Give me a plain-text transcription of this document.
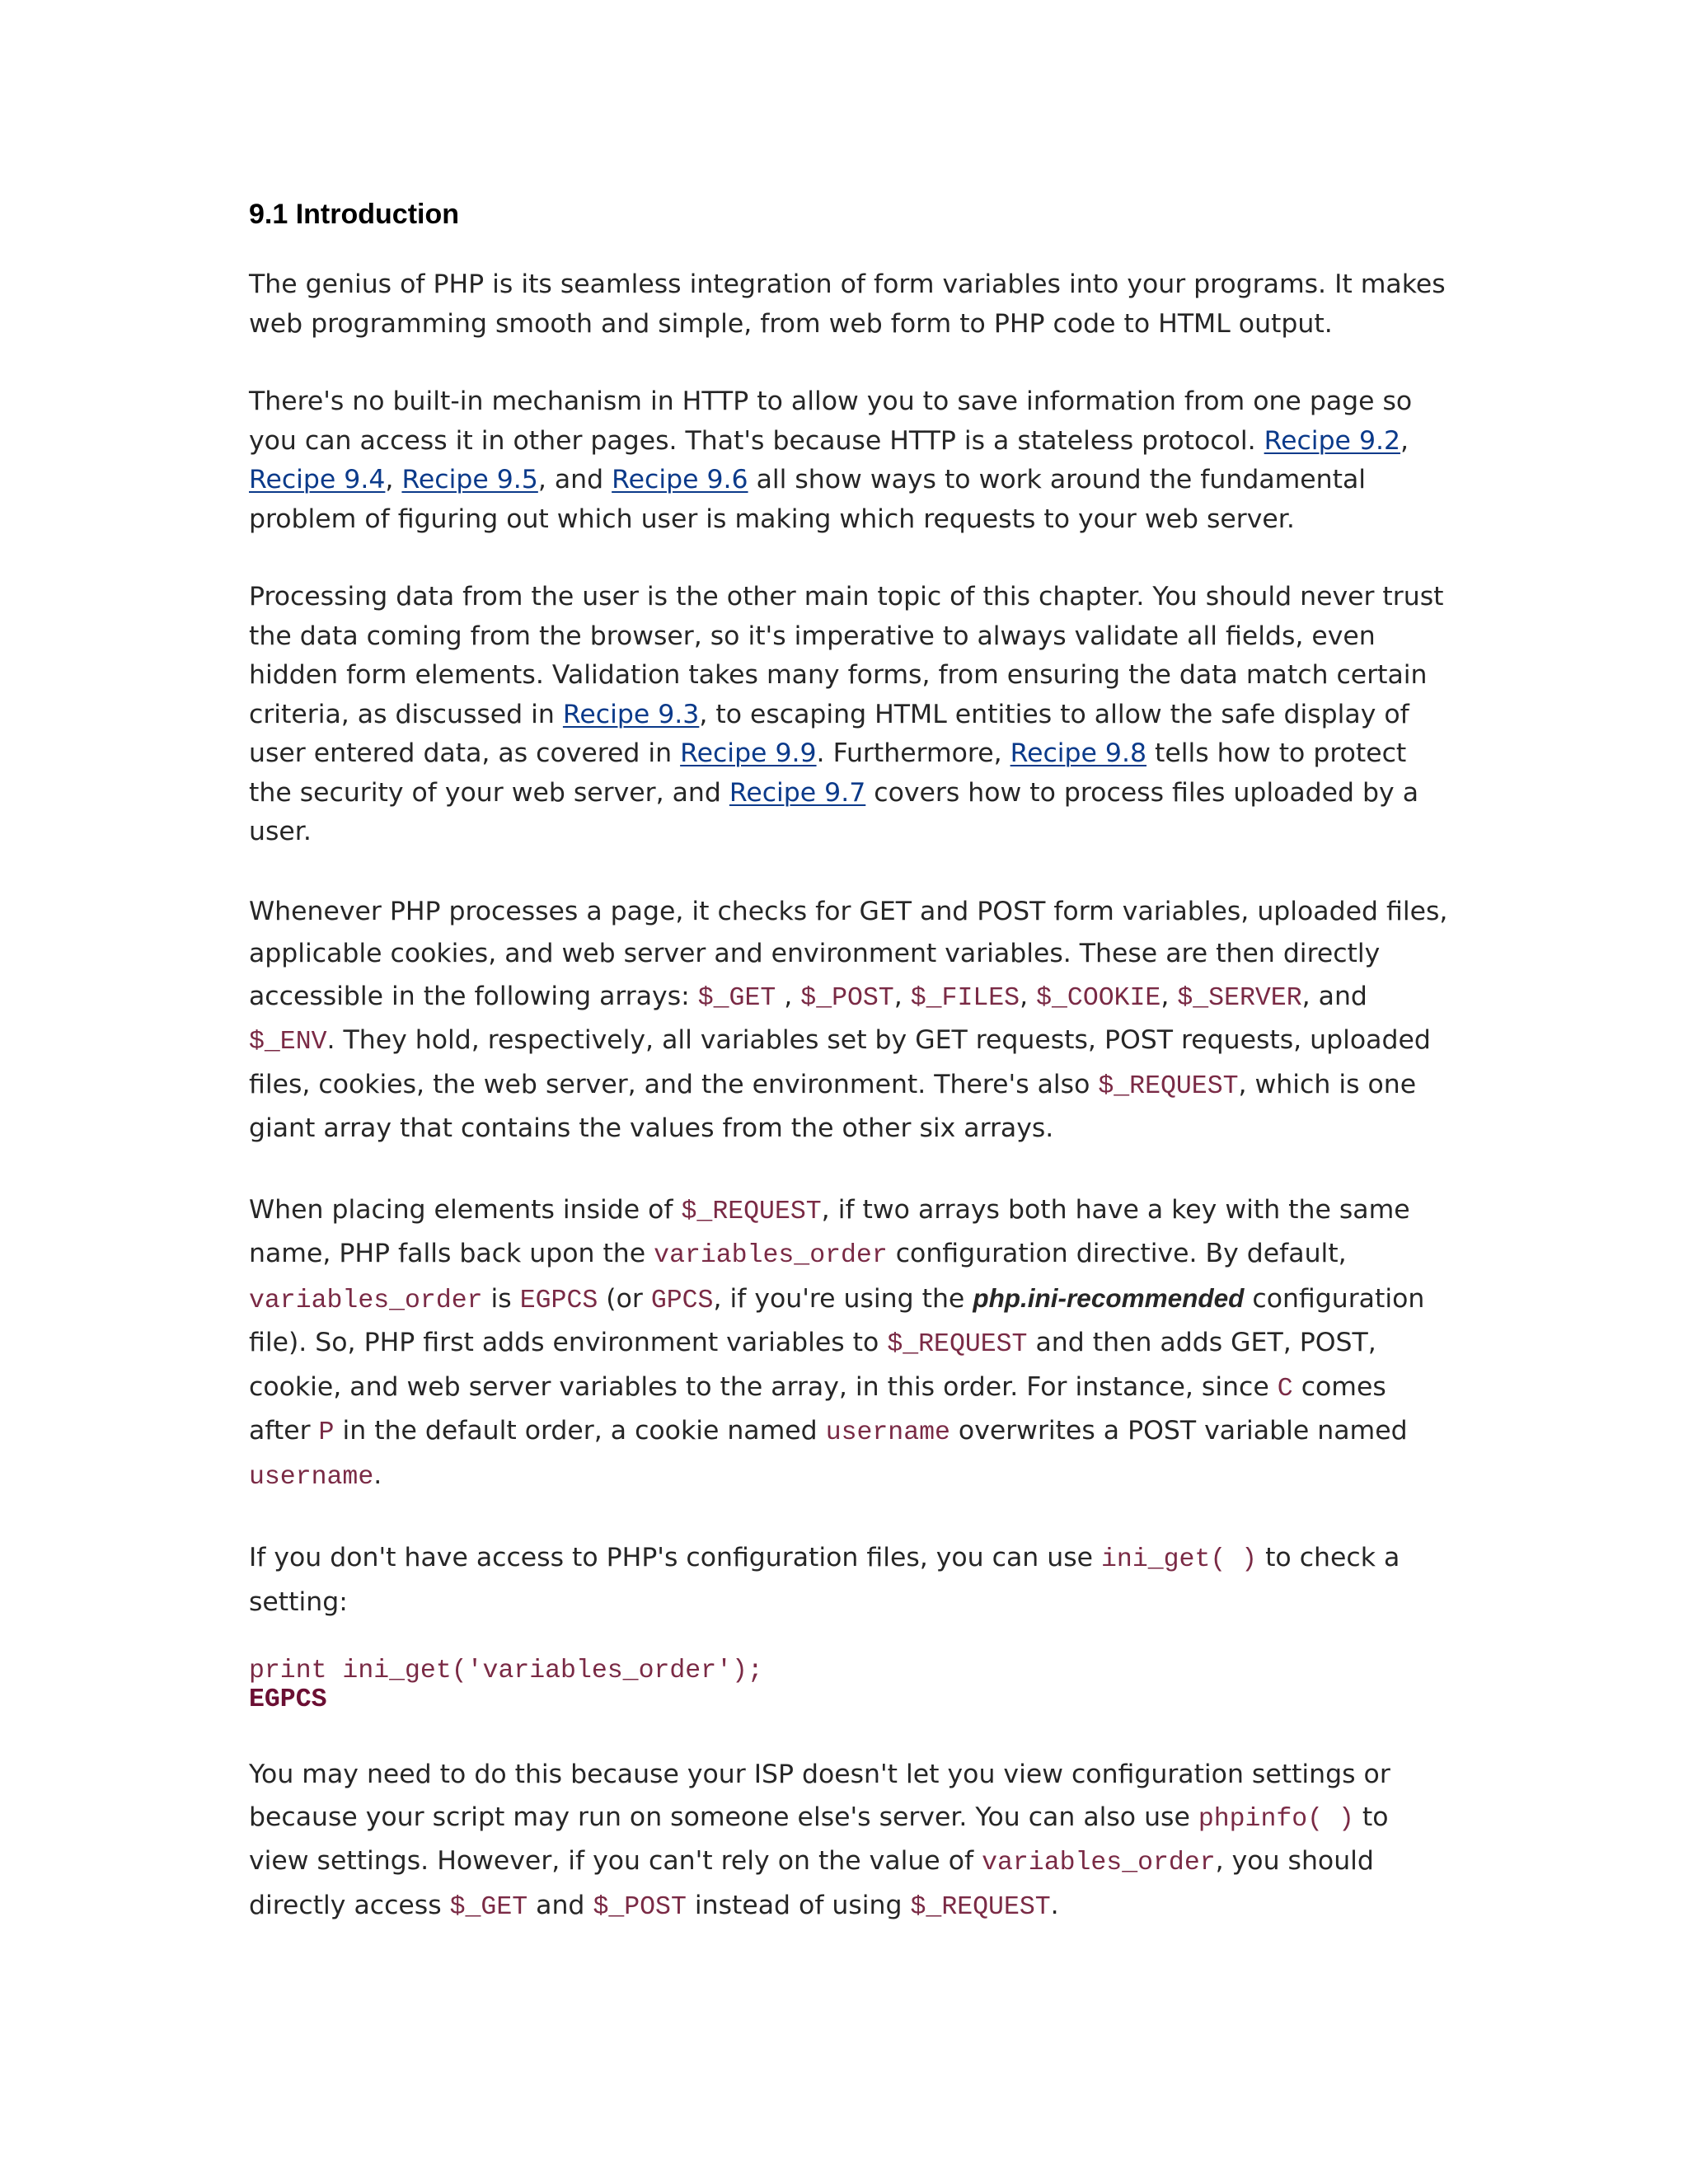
9.1 Introduction

The genius of PHP is its seamless integration of form variables into your programs. It makes web programming smooth and simple, from web form to PHP code to HTML output.

There's no built-in mechanism in HTTP to allow you to save information from one page so you can access it in other pages. That's because HTTP is a stateless protocol. Recipe 9.2, Recipe 9.4, Recipe 9.5, and Recipe 9.6 all show ways to work around the fundamental problem of figuring out which user is making which requests to your web server.

Processing data from the user is the other main topic of this chapter. You should never trust the data coming from the browser, so it's imperative to always validate all fields, even hidden form elements. Validation takes many forms, from ensuring the data match certain criteria, as discussed in Recipe 9.3, to escaping HTML entities to allow the safe display of user entered data, as covered in Recipe 9.9. Furthermore, Recipe 9.8 tells how to protect the security of your web server, and Recipe 9.7 covers how to process files uploaded by a user.

Whenever PHP processes a page, it checks for GET and POST form variables, uploaded files, applicable cookies, and web server and environment variables. These are then directly accessible in the following arrays: $_GET , $_POST, $_FILES, $_COOKIE, $_SERVER, and $_ENV. They hold, respectively, all variables set by GET requests, POST requests, uploaded files, cookies, the web server, and the environment. There's also $_REQUEST, which is one giant array that contains the values from the other six arrays.

When placing elements inside of $_REQUEST, if two arrays both have a key with the same name, PHP falls back upon the variables_order configuration directive. By default, variables_order is EGPCS (or GPCS, if you're using the php.ini-recommended configuration file). So, PHP first adds environment variables to $_REQUEST and then adds GET, POST, cookie, and web server variables to the array, in this order. For instance, since C comes after P in the default order, a cookie named username overwrites a POST variable named username.

If you don't have access to PHP's configuration files, you can use ini_get( ) to check a setting:

print ini_get('variables_order');
EGPCS

You may need to do this because your ISP doesn't let you view configuration settings or because your script may run on someone else's server. You can also use phpinfo( ) to view settings. However, if you can't rely on the value of variables_order, you should directly access $_GET and $_POST instead of using $_REQUEST.
